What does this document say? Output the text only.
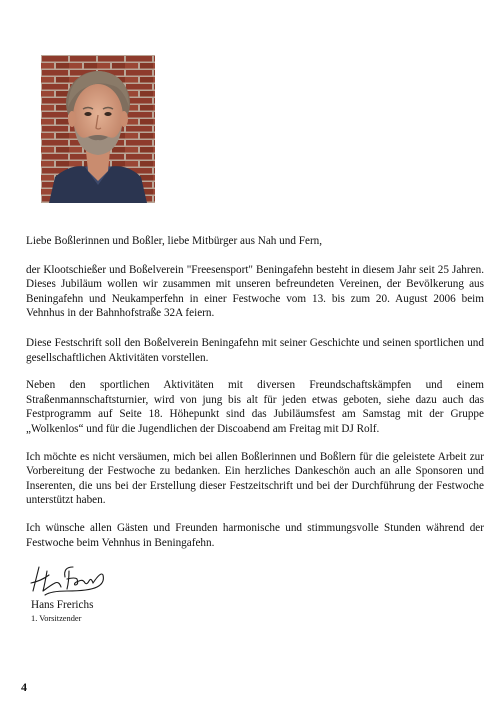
Liebe Boßlerinnen und Boßler, liebe Mitbürger aus Nah und Fern,

der Klootschießer und Boßelverein "Freesensport" Beningafehn besteht in diesem Jahr seit 25 Jahren. Dieses Jubiläum wollen wir zusammen mit unseren befreundeten Vereinen, der Bevölkerung aus Beningafehn und Neukamperfehn in einer Festwoche vom 13. bis zum 20. August 2006 beim Vehnhus in der Bahnhofstraße 32A feiern.

Diese Festschrift soll den Boßelverein Beningafehn mit seiner Geschichte und seinen sportlichen und gesellschaftlichen Aktivitäten vorstellen.

Neben den sportlichen Aktivitäten mit diversen Freundschaftskämpfen und einem Straßenmannschaftsturnier, wird von jung bis alt für jeden etwas geboten, siehe dazu auch das Festprogramm auf Seite 18. Höhepunkt sind das Jubiläumsfest am Samstag mit der Gruppe „Wolkenlos“ und für die Jugendlichen der Discoabend am Freitag mit DJ Rolf.

Ich möchte es nicht versäumen, mich bei allen Boßlerinnen und Boßlern für die geleistete Arbeit zur Vorbereitung der Festwoche zu bedanken. Ein herzliches Dankeschön auch an alle Sponsoren und Inserenten, die uns bei der Erstellung dieser Festzeitschrift und bei der Durchführung der Festwoche unterstützt haben.

Ich wünsche allen Gästen und Freunden harmonische und stimmungsvolle Stunden während der Festwoche beim Vehnhus in Beningafehn.

Hans Frerichs
1. Vorsitzender
4
